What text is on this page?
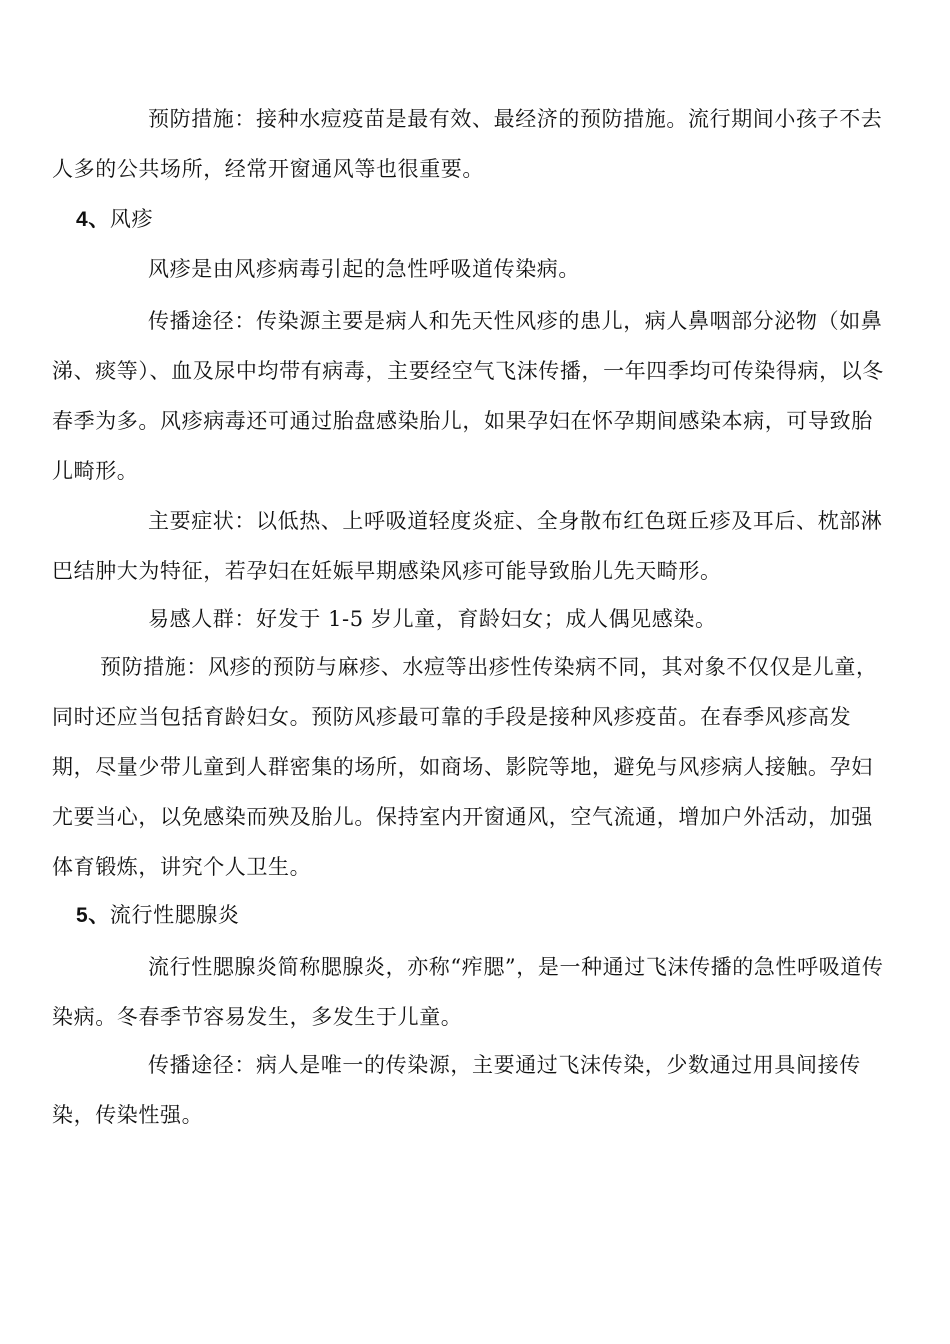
预防措施：接种水痘疫苗是最有效、最经济的预防措施。流行期间小孩子不去人多的公共场所，经常开窗通风等也很重要。

4、风疹

风疹是由风疹病毒引起的急性呼吸道传染病。

传播途径：传染源主要是病人和先天性风疹的患儿，病人鼻咽部分泌物（如鼻涕、痰等）、血及尿中均带有病毒，主要经空气飞沫传播，一年四季均可传染得病，以冬春季为多。风疹病毒还可通过胎盘感染胎儿，如果孕妇在怀孕期间感染本病，可导致胎儿畸形。

主要症状：以低热、上呼吸道轻度炎症、全身散布红色斑丘疹及耳后、枕部淋巴结肿大为特征，若孕妇在妊娠早期感染风疹可能导致胎儿先天畸形。

易感人群：好发于 1-5 岁儿童，育龄妇女；成人偶见感染。

预防措施：风疹的预防与麻疹、水痘等出疹性传染病不同，其对象不仅仅是儿童，同时还应当包括育龄妇女。预防风疹最可靠的手段是接种风疹疫苗。在春季风疹高发期，尽量少带儿童到人群密集的场所，如商场、影院等地，避免与风疹病人接触。孕妇尤要当心，以免感染而殃及胎儿。保持室内开窗通风，空气流通，增加户外活动，加强体育锻炼，讲究个人卫生。

5、流行性腮腺炎

流行性腮腺炎简称腮腺炎，亦称“痄腮”，是一种通过飞沫传播的急性呼吸道传染病。冬春季节容易发生，多发生于儿童。

传播途径：病人是唯一的传染源，主要通过飞沫传染，少数通过用具间接传染，传染性强。
